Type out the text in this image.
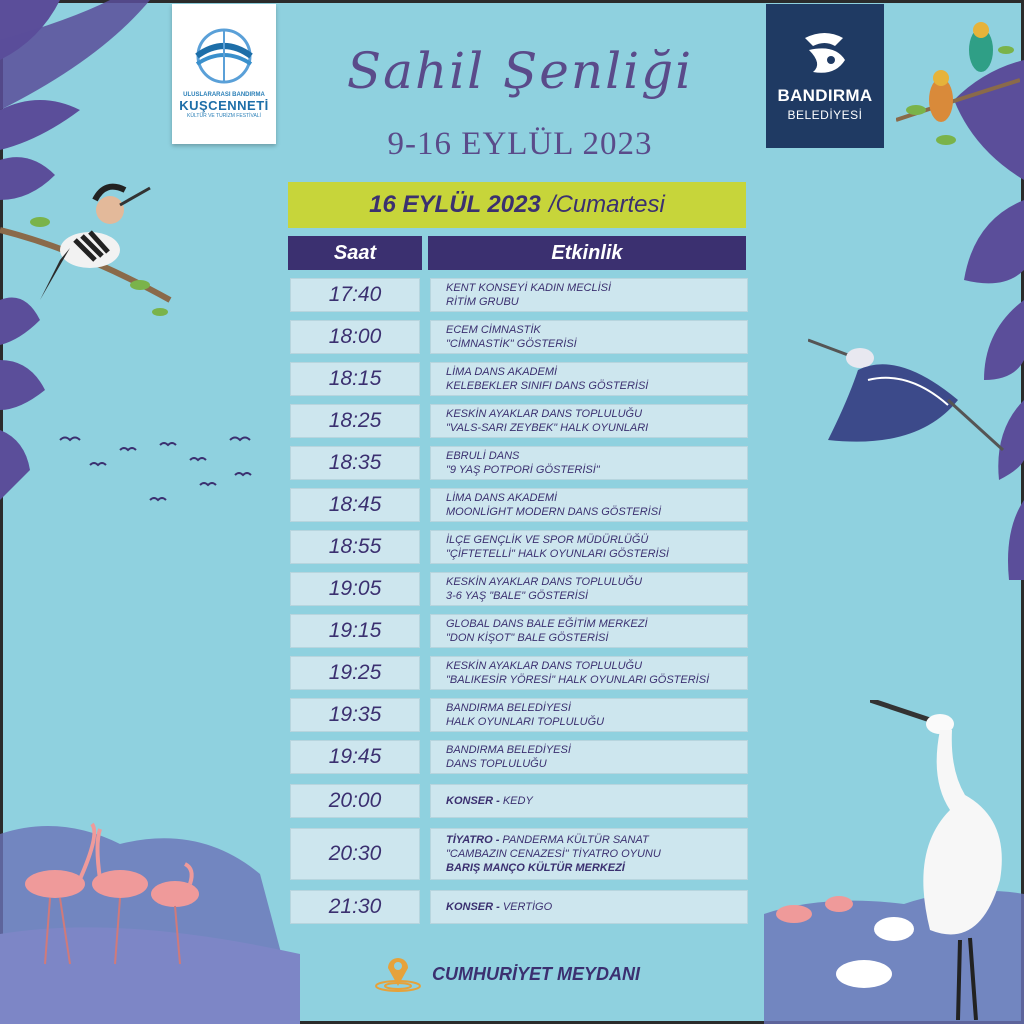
ULUSLARARASI BANDIRMA
KUŞCENNETİ
KÜLTÜR VE TURİZM FESTİVALİ
BANDIRMA
BELEDİYESİ
Sahil Şenliği
9-16 EYLÜL 2023
16 EYLÜL 2023 /Cumartesi
Saat	Etkinlik
17:40	KENT KONSEYİ KADIN MECLİSİ
RİTİM GRUBU
18:00	ECEM CİMNASTİK
"CİMNASTİK" GÖSTERİSİ
18:15	LİMA DANS AKADEMİ
KELEBEKLER SINIFI DANS GÖSTERİSİ
18:25	KESKİN AYAKLAR DANS TOPLULUĞU
"VALS-SARI ZEYBEK" HALK OYUNLARI
18:35	EBRULİ DANS
"9 YAŞ POTPORİ GÖSTERİSİ"
18:45	LİMA DANS AKADEMİ
MOONLİGHT MODERN DANS GÖSTERİSİ
18:55	İLÇE GENÇLİK VE SPOR MÜDÜRLÜĞÜ
"ÇİFTETELLİ" HALK OYUNLARI GÖSTERİSİ
19:05	KESKİN AYAKLAR DANS TOPLULUĞU
3-6 YAŞ "BALE" GÖSTERİSİ
19:15	GLOBAL DANS BALE EĞİTİM MERKEZİ
"DON KİŞOT" BALE GÖSTERİSİ
19:25	KESKİN AYAKLAR DANS TOPLULUĞU
"BALIKESİR YÖRESİ" HALK OYUNLARI GÖSTERİSİ
19:35	BANDIRMA BELEDİYESİ
HALK OYUNLARI TOPLULUĞU
19:45	BANDIRMA BELEDİYESİ
DANS TOPLULUĞU
20:00	KONSER - KEDY
20:30
TİYATRO - PANDERMA KÜLTÜR SANAT
"CAMBAZIN CENAZESİ" TİYATRO OYUNU
BARIŞ MANÇO KÜLTÜR MERKEZİ
21:30	KONSER - VERTİGO
CUMHURİYET MEYDANI
